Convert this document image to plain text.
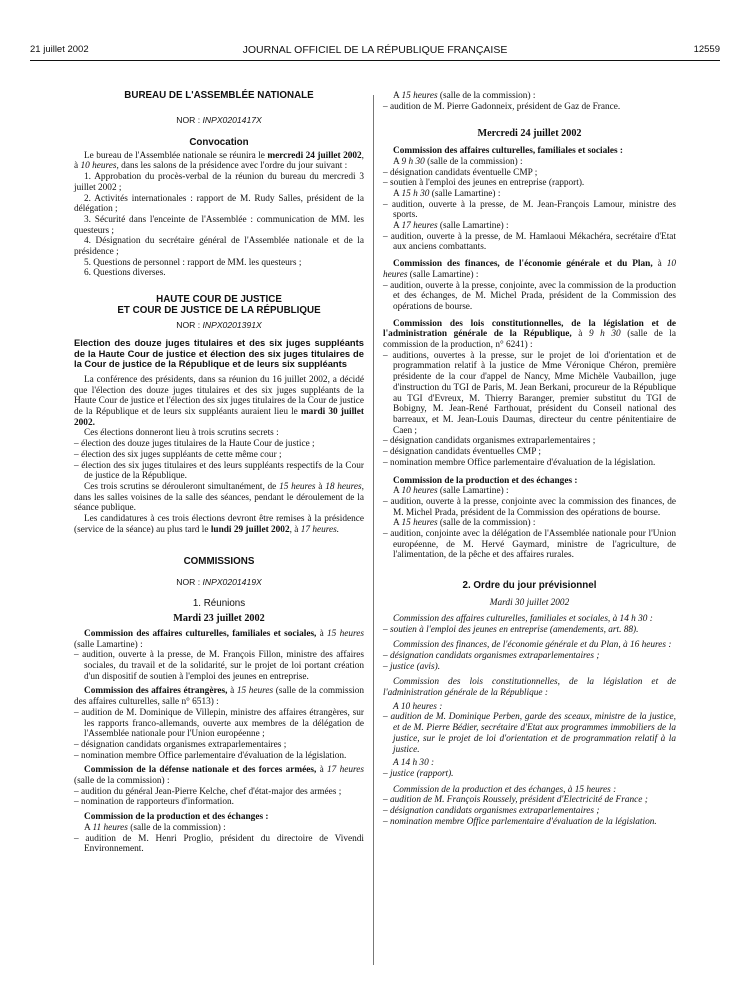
21 juillet 2002	JOURNAL OFFICIEL DE LA RÉPUBLIQUE FRANÇAISE	12559

BUREAU DE L'ASSEMBLÉE NATIONALE

NOR : INPX0201417X

Convocation

Le bureau de l'Assemblée nationale se réunira le mercredi 24 juillet 2002, à 10 heures, dans les salons de la présidence avec l'ordre du jour suivant :

1. Approbation du procès-verbal de la réunion du bureau du mercredi 3 juillet 2002 ;

2. Activités internationales : rapport de M. Rudy Salles, président de la délégation ;

3. Sécurité dans l'enceinte de l'Assemblée : communication de MM. les questeurs ;

4. Désignation du secrétaire général de l'Assemblée nationale et de la présidence ;

5. Questions de personnel : rapport de MM. les questeurs ;

6. Questions diverses.

HAUTE COUR DE JUSTICE

ET COUR DE JUSTICE DE LA RÉPUBLIQUE

NOR : INPX0201391X

Election des douze juges titulaires et des six juges suppléants de la Haute Cour de justice et élection des six juges titulaires de la Cour de justice de la République et de leurs six suppléants

La conférence des présidents, dans sa réunion du 16 juillet 2002, a décidé que l'élection des douze juges titulaires et des six juges suppléants de la Haute Cour de justice et l'élection des six juges titulaires de la Cour de justice de la République et de leurs six suppléants auraient lieu le mardi 30 juillet 2002.

Ces élections donneront lieu à trois scrutins secrets :

– élection des douze juges titulaires de la Haute Cour de justice ;

– élection des six juges suppléants de cette même cour ;

– élection des six juges titulaires et des leurs suppléants respectifs de la Cour de justice de la République.

Ces trois scrutins se dérouleront simultanément, de 15 heures à 18 heures, dans les salles voisines de la salle des séances, pendant le déroulement de la séance publique.

Les candidatures à ces trois élections devront être remises à la présidence (service de la séance) au plus tard le lundi 29 juillet 2002, à 17 heures.

COMMISSIONS

NOR : INPX0201419X

1. Réunions

Mardi 23 juillet 2002

Commission des affaires culturelles, familiales et sociales, à 15 heures (salle Lamartine) :

– audition, ouverte à la presse, de M. François Fillon, ministre des affaires sociales, du travail et de la solidarité, sur le projet de loi portant création d'un dispositif de soutien à l'emploi des jeunes en entreprise.

Commission des affaires étrangères, à 15 heures (salle de la commission des affaires culturelles, salle n° 6513) :

– audition de M. Dominique de Villepin, ministre des affaires étrangères, sur les rapports franco-allemands, ouverte aux membres de la délégation de l'Assemblée nationale pour l'Union européenne ;

– désignation candidats organismes extraparlementaires ;

– nomination membre Office parlementaire d'évaluation de la législation.

Commission de la défense nationale et des forces armées, à 17 heures (salle de la commission) :

– audition du général Jean-Pierre Kelche, chef d'état-major des armées ;

– nomination de rapporteurs d'information.

Commission de la production et des échanges :

A 11 heures (salle de la commission) :

– audition de M. Henri Proglio, président du directoire de Vivendi Environnement.

A 15 heures (salle de la commission) :

– audition de M. Pierre Gadonneix, président de Gaz de France.

Mercredi 24 juillet 2002

Commission des affaires culturelles, familiales et sociales :

A 9 h 30 (salle de la commission) :

– désignation candidats éventuelle CMP ;

– soutien à l'emploi des jeunes en entreprise (rapport).

A 15 h 30 (salle Lamartine) :

– audition, ouverte à la presse, de M. Jean-François Lamour, ministre des sports.

A 17 heures (salle Lamartine) :

– audition, ouverte à la presse, de M. Hamlaoui Mékachéra, secrétaire d'Etat aux anciens combattants.

Commission des finances, de l'économie générale et du Plan, à 10 heures (salle Lamartine) :

– audition, ouverte à la presse, conjointe, avec la commission de la production et des échanges, de M. Michel Prada, président de la Commission des opérations de bourse.

Commission des lois constitutionnelles, de la législation et de l'administration générale de la République, à 9 h 30 (salle de la commission de la production, n° 6241) :

– auditions, ouvertes à la presse, sur le projet de loi d'orientation et de programmation relatif à la justice de Mme Véronique Chéron, première présidente de la cour d'appel de Nancy, Mme Michèle Vaubaillon, juge d'instruction du TGI de Paris, M. Jean Berkani, procureur de la République au TGI d'Evreux, M. Thierry Baranger, premier substitut du TGI de Bobigny, M. Jean-René Farthouat, président du Conseil national des barreaux, et M. Jean-Louis Daumas, directeur du centre pénitentiaire de Caen ;

– désignation candidats organismes extraparlementaires ;

– désignation candidats éventuelles CMP ;

– nomination membre Office parlementaire d'évaluation de la législation.

Commission de la production et des échanges :

A 10 heures (salle Lamartine) :

– audition, ouverte à la presse, conjointe avec la commission des finances, de M. Michel Prada, président de la Commission des opérations de bourse.

A 15 heures (salle de la commission) :

– audition, conjointe avec la délégation de l'Assemblée nationale pour l'Union européenne, de M. Hervé Gaymard, ministre de l'agriculture, de l'alimentation, de la pêche et des affaires rurales.

2. Ordre du jour prévisionnel

Mardi 30 juillet 2002

Commission des affaires culturelles, familiales et sociales, à 14 h 30 :

– soutien à l'emploi des jeunes en entreprise (amendements, art. 88).

Commission des finances, de l'économie générale et du Plan, à 16 heures :

– désignation candidats organismes extraparlementaires ;

– justice (avis).

Commission des lois constitutionnelles, de la législation et de l'administration générale de la République :

A 10 heures :

– audition de M. Dominique Perben, garde des sceaux, ministre de la justice, et de M. Pierre Bédier, secrétaire d'Etat aux programmes immobiliers de la justice, sur le projet de loi d'orientation et de programmation relatif à la justice.

A 14 h 30 :

– justice (rapport).

Commission de la production et des échanges, à 15 heures :

– audition de M. François Roussely, président d'Electricité de France ;

– désignation candidats organismes extraparlementaires ;

– nomination membre Office parlementaire d'évaluation de la législation.
